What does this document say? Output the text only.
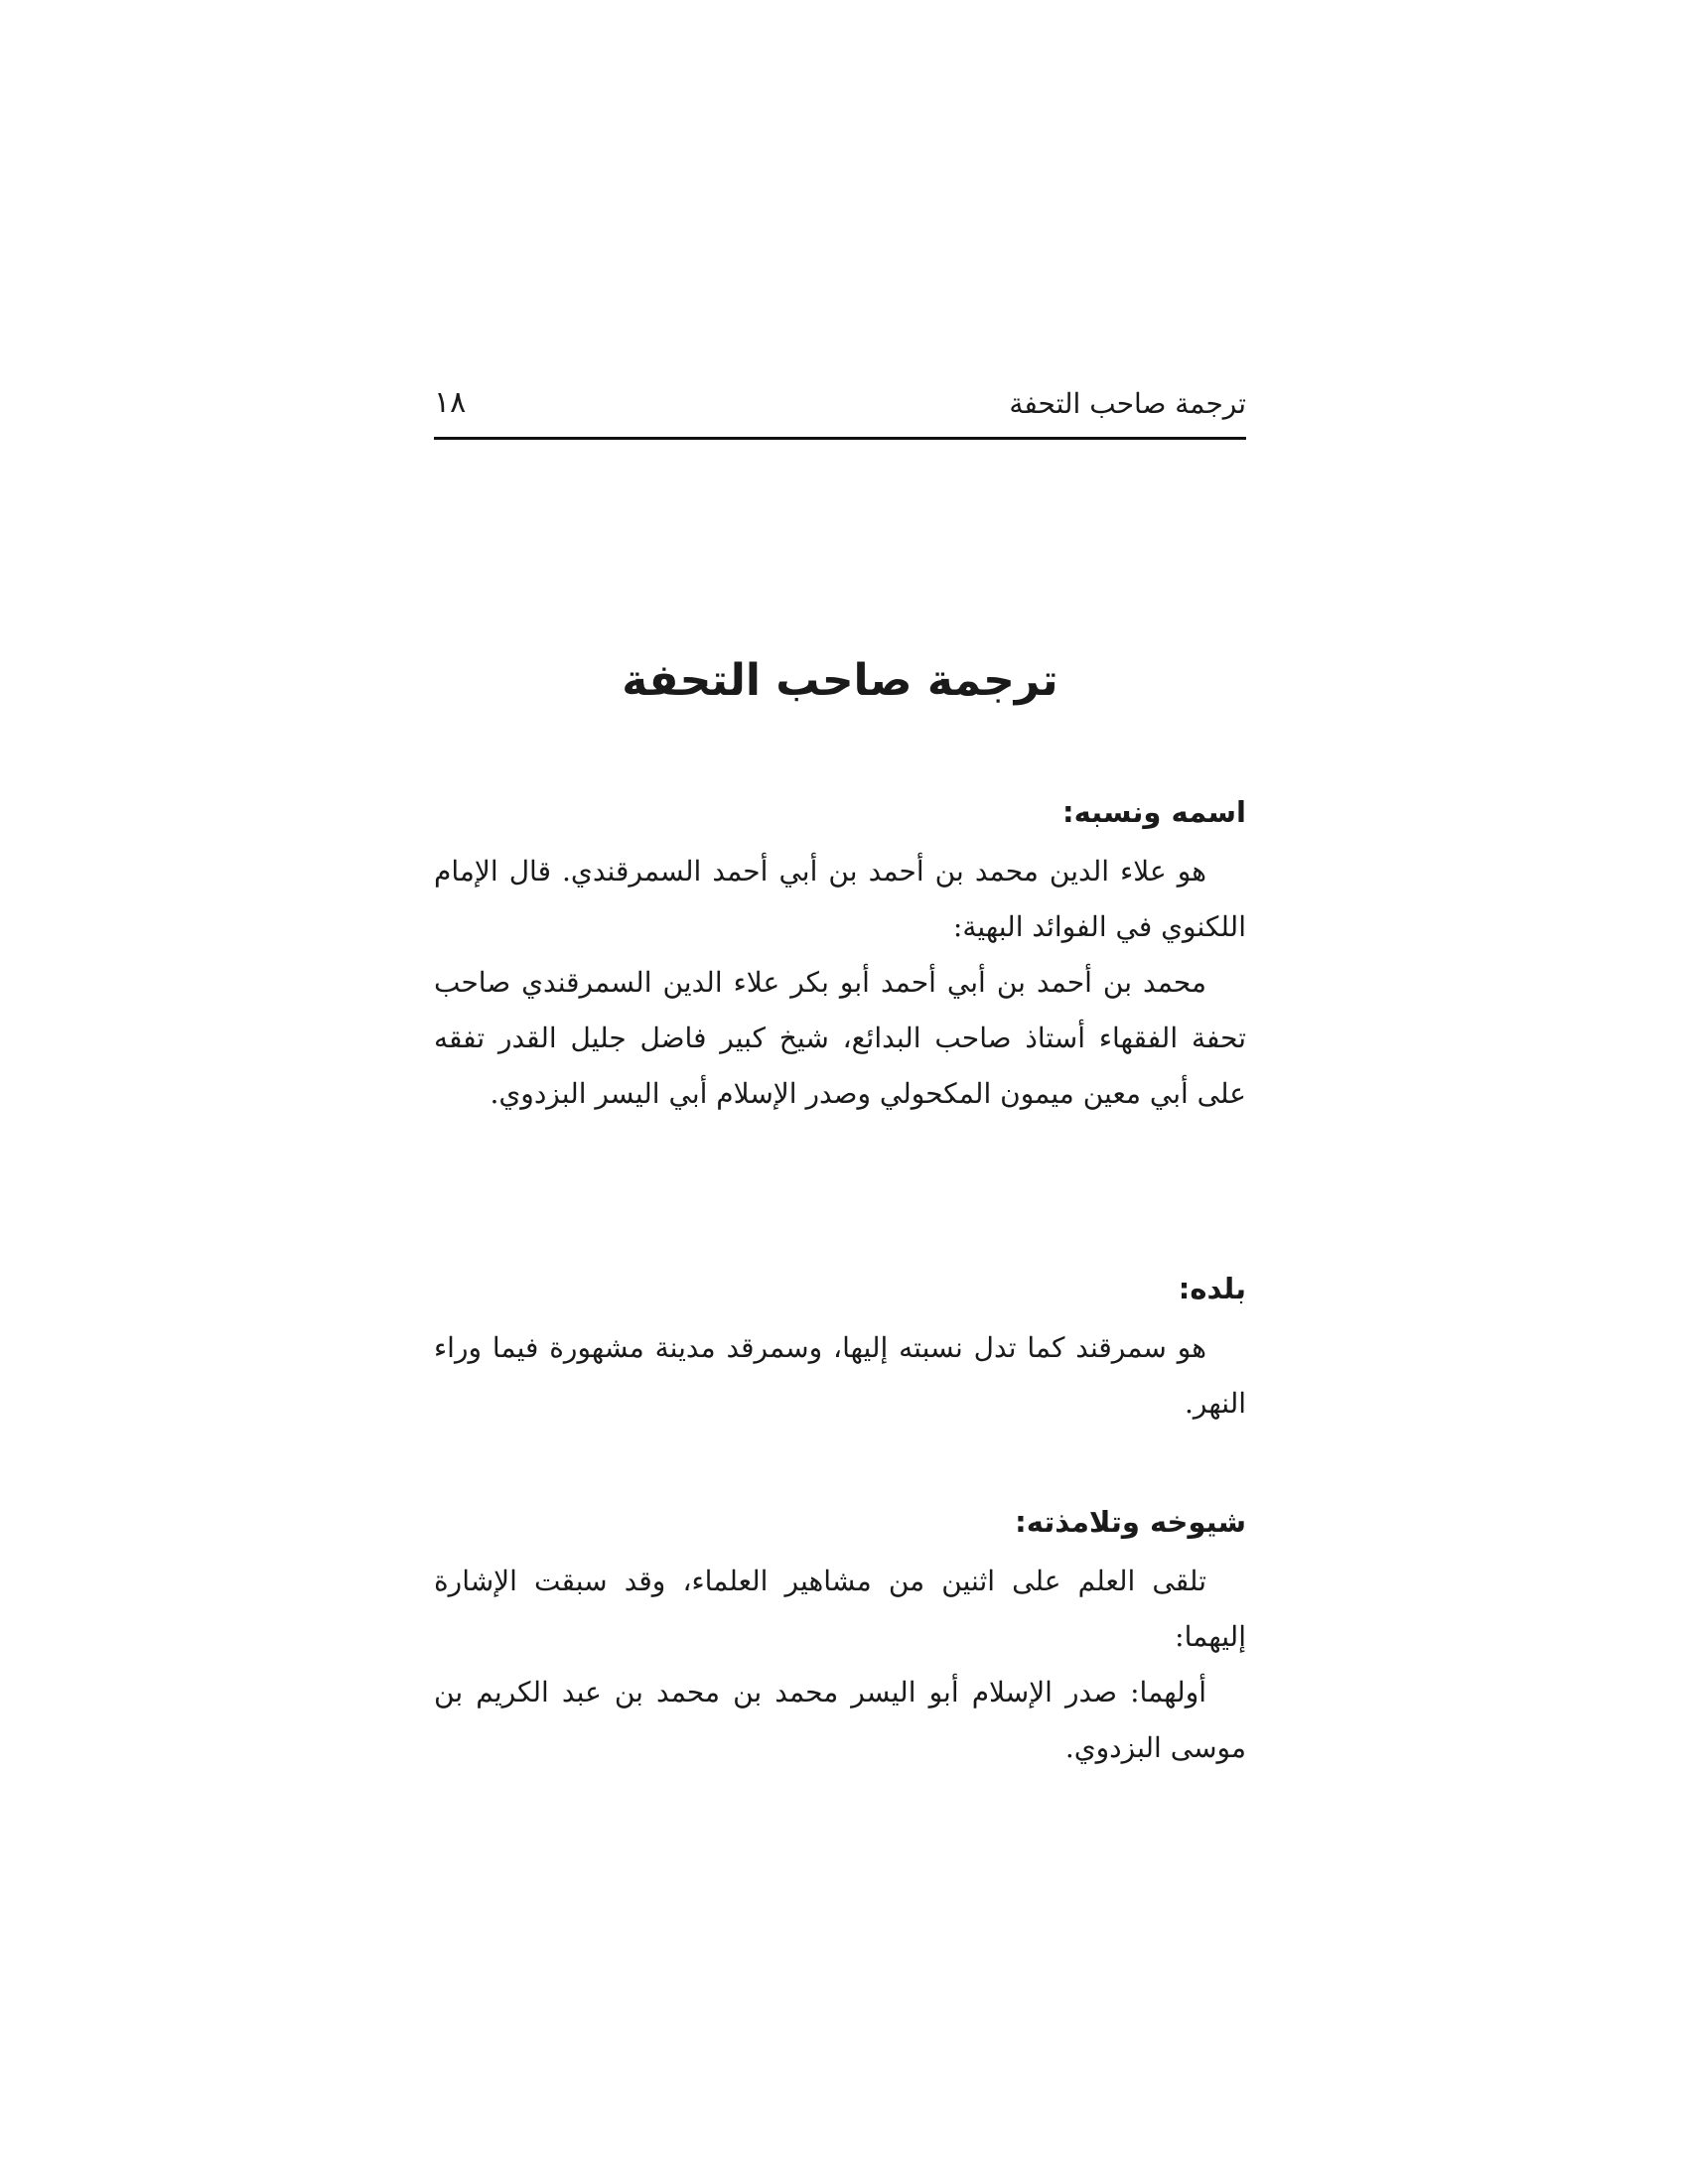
ترجمة صاحب التحفة
١٨
ترجمة صاحب التحفة
اسمه ونسبه:

هو علاء الدين محمد بن أحمد بن أبي أحمد السمرقندي. قال الإمام اللكنوي في الفوائد البهية:

محمد بن أحمد بن أبي أحمد أبو بكر علاء الدين السمرقندي صاحب تحفة الفقهاء أستاذ صاحب البدائع، شيخ كبير فاضل جليل القدر تفقه على أبي معين ميمون المكحولي وصدر الإسلام أبي اليسر البزدوي.

بلده:

هو سمرقند كما تدل نسبته إليها، وسمرقد مدينة مشهورة فيما وراء النهر.

شيوخه وتلامذته:

تلقى العلم على اثنين من مشاهير العلماء، وقد سبقت الإشارة إليهما:

أولهما: صدر الإسلام أبو اليسر محمد بن محمد بن عبد الكريم بن موسى البزدوي.
